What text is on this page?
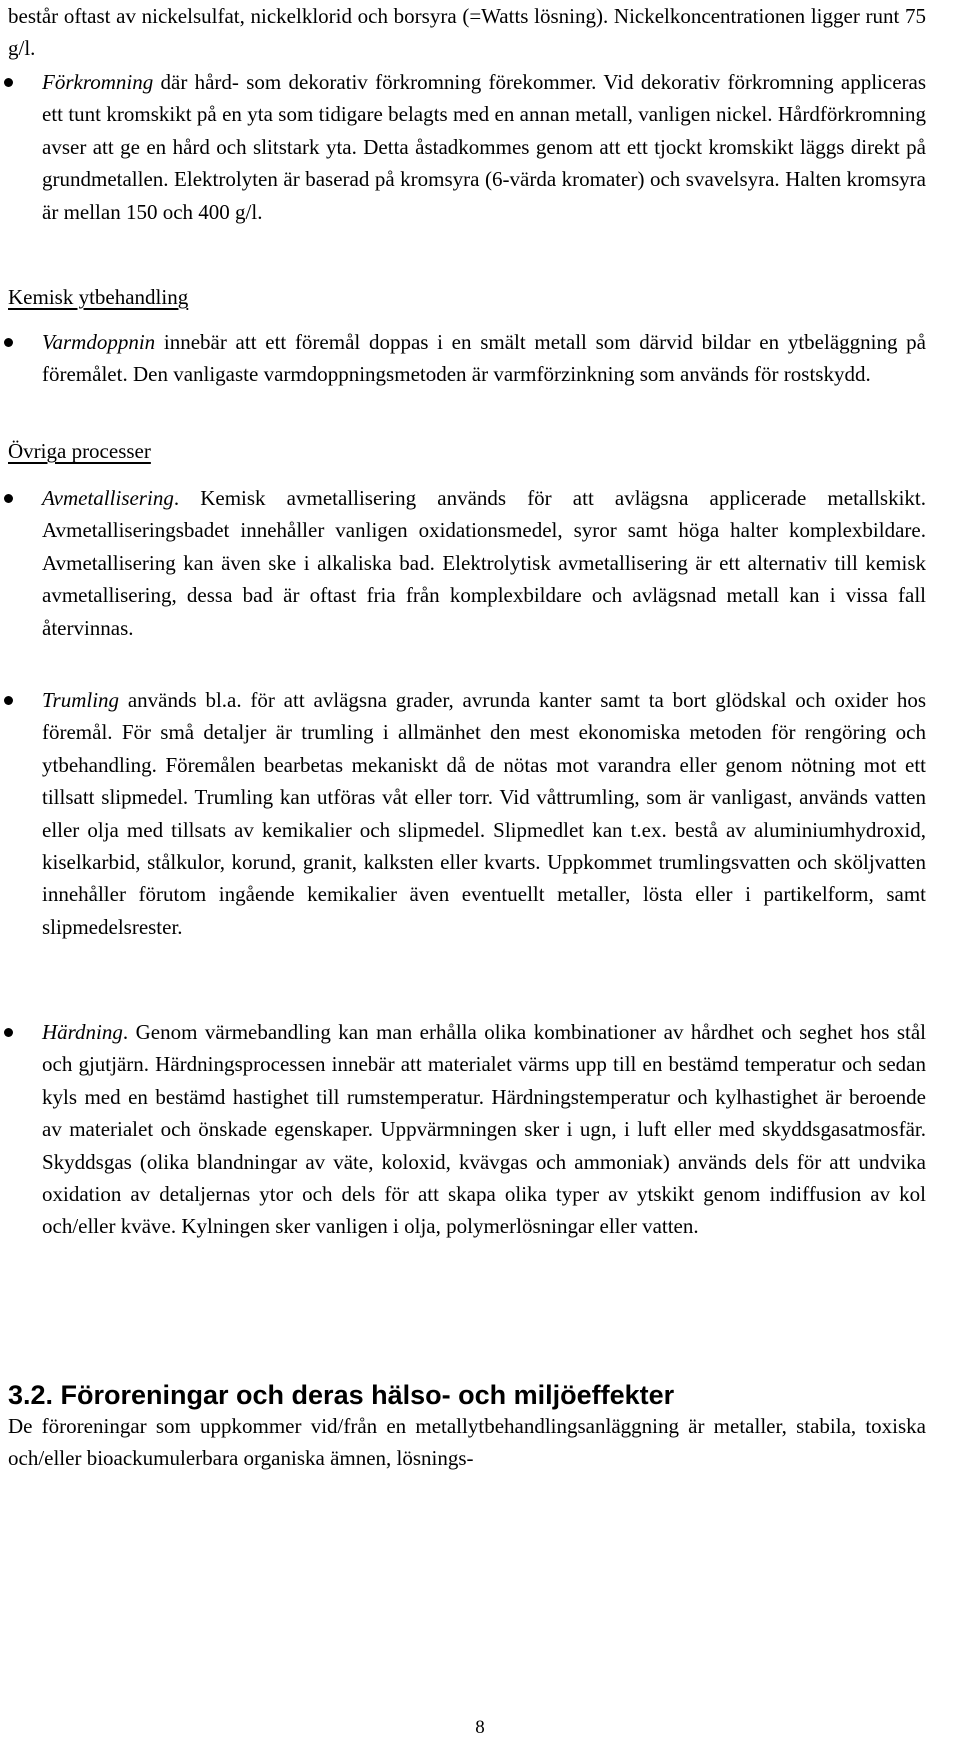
består oftast av nickelsulfat, nickelklorid och borsyra (=Watts lösning). Nickelkoncentrationen ligger runt 75 g/l.
Förkromning där hård- som dekorativ förkromning förekommer. Vid dekorativ förkromning appliceras ett tunt kromskikt på en yta som tidigare belagts med en annan metall, vanligen nickel. Hårdförkromning avser att ge en hård och slitstark yta. Detta åstadkommes genom att ett tjockt kromskikt läggs direkt på grundmetallen. Elektrolyten är baserad på kromsyra (6-värda kromater) och svavelsyra. Halten kromsyra är mellan 150 och 400 g/l.
Kemisk ytbehandling
Varmdoppnin innebär att ett föremål doppas i en smält metall som därvid bildar en ytbeläggning på föremålet. Den vanligaste varmdoppningsmetoden är varmförzinkning som används för rostskydd.
Övriga processer
Avmetallisering. Kemisk avmetallisering används för att avlägsna applicerade metallskikt. Avmetalliseringsbadet innehåller vanligen oxidationsmedel, syror samt höga halter komplexbildare. Avmetallisering kan även ske i alkaliska bad. Elektrolytisk avmetallisering är ett alternativ till kemisk avmetallisering, dessa bad är oftast fria från komplexbildare och avlägsnad metall kan i vissa fall återvinnas.
Trumling används bl.a. för att avlägsna grader, avrunda kanter samt ta bort glödskal och oxider hos föremål. För små detaljer är trumling i allmänhet den mest ekonomiska metoden för rengöring och ytbehandling. Föremålen bearbetas mekaniskt då de nötas mot varandra eller genom nötning mot ett tillsatt slipmedel. Trumling kan utföras våt eller torr. Vid våttrumling, som är vanligast, används vatten eller olja med tillsats av kemikalier och slipmedel. Slipmedlet kan t.ex. bestå av aluminiumhydroxid, kiselkarbid, stålkulor, korund, granit, kalksten eller kvarts. Uppkommet trumlingsvatten och sköljvatten innehåller förutom ingående kemikalier även eventuellt metaller, lösta eller i partikelform, samt slipmedelsrester.
Härdning. Genom värmebandling kan man erhålla olika kombinationer av hårdhet och seghet hos stål och gjutjärn. Härdningsprocessen innebär att materialet värms upp till en bestämd temperatur och sedan kyls med en bestämd hastighet till rumstemperatur. Härdningstemperatur och kylhastighet är beroende av materialet och önskade egenskaper. Uppvärmningen sker i ugn, i luft eller med skyddsgasatmosfär. Skyddsgas (olika blandningar av väte, koloxid, kvävgas och ammoniak) används dels för att undvika oxidation av detaljernas ytor och dels för att skapa olika typer av ytskikt genom indiffusion av kol och/eller kväve. Kylningen sker vanligen i olja, polymerlösningar eller vatten.
3.2. Föroreningar och deras hälso- och miljöeffekter
De föroreningar som uppkommer vid/från en metallytbehandlingsanläggning är metaller, stabila, toxiska och/eller bioackumulerbara organiska ämnen, lösnings-
8
